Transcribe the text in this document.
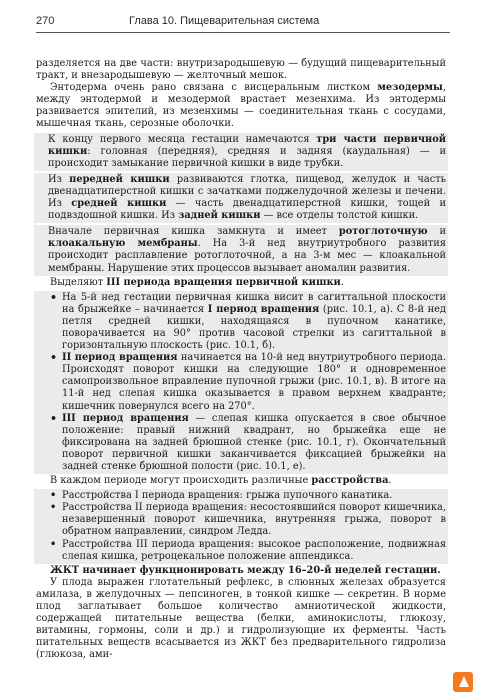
270	Глава 10. Пищеварительная система

разделяется на две части: внутризародышевую — будущий пищеварительный тракт, и внезародышевую — желточный мешок.

Энтодерма очень рано связана с висцеральным листком мезодермы, между энтодермой и мезодермой врастает мезенхима. Из энтодермы развивается эпителий, из мезенхимы — соединительная ткань с сосудами, мышечная ткань, серозные оболочки.

К концу первого месяца гестации намечаются три части первичной кишки: головная (передняя), средняя и задняя (каудальная) — и происходит замыкание первичной кишки в виде трубки.

Из передней кишки развиваются глотка, пищевод, желудок и часть двенадцатиперстной кишки с зачатками поджелудочной железы и печени. Из средней кишки — часть двенадцатиперстной кишки, тощей и подвздошной кишки. Из задней кишки — все отделы толстой кишки.

Вначале первичная кишка замкнута и имеет ротоглоточную и клоакальную мембраны. На 3-й нед внутриутробного развития происходит расплавление ротоглоточной, а на 3-м мес — клоакальной мембраны. Нарушение этих процессов вызывает аномалии развития.

Выделяют III периода вращения первичной кишки.

• На 5-й нед гестации первичная кишка висит в сагиттальной плоскости на брыжейке – начинается I период вращения (рис. 10.1, а). С 8-й нед петля средней кишки, находящаяся в пупочном канатике, поворачивается на 90° против часовой стрелки из сагиттальной в горизонтальную плоскость (рис. 10.1, б).
• II период вращения начинается на 10-й нед внутриутробного периода. Происходят поворот кишки на следующие 180° и одновременное самопроизвольное вправление пупочной грыжи (рис. 10.1, в). В итоге на 11-й нед слепая кишка оказывается в правом верхнем квадранте; кишечник повернулся всего на 270°.
• III период вращения — слепая кишка опускается в свое обычное положение: правый нижний квадрант, но брыжейка еще не фиксирована на задней брюшной стенке (рис. 10.1, г). Окончательный поворот первичной кишки заканчивается фиксацией брыжейки на задней стенке брюшной полости (рис. 10.1, е).

В каждом периоде могут происходить различные расстройства.

• Расстройства I периода вращения: грыжа пупочного канатика.
• Расстройства II периода вращения: несостоявшийся поворот кишечника, незавершенный поворот кишечника, внутренняя грыжа, поворот в обратном направлении, синдром Ледда.
• Расстройства III периода вращения: высокое расположение, подвижная слепая кишка, ретроцекальное положение аппендикса.

ЖКТ начинает функционировать между 16–20-й неделей гестации.

У плода выражен глотательный рефлекс, в слюнных железах образуется амилаза, в желудочных — пепсиноген, в тонкой кишке — секретин. В норме плод заглатывает большое количество амниотической жидкости, содержащей питательные вещества (белки, аминокислоты, глюкозу, витамины, гормоны, соли и др.) и гидролизующие их ферменты. Часть питательных веществ всасывается из ЖКТ без предварительного гидролиза (глюкоза, ами-
